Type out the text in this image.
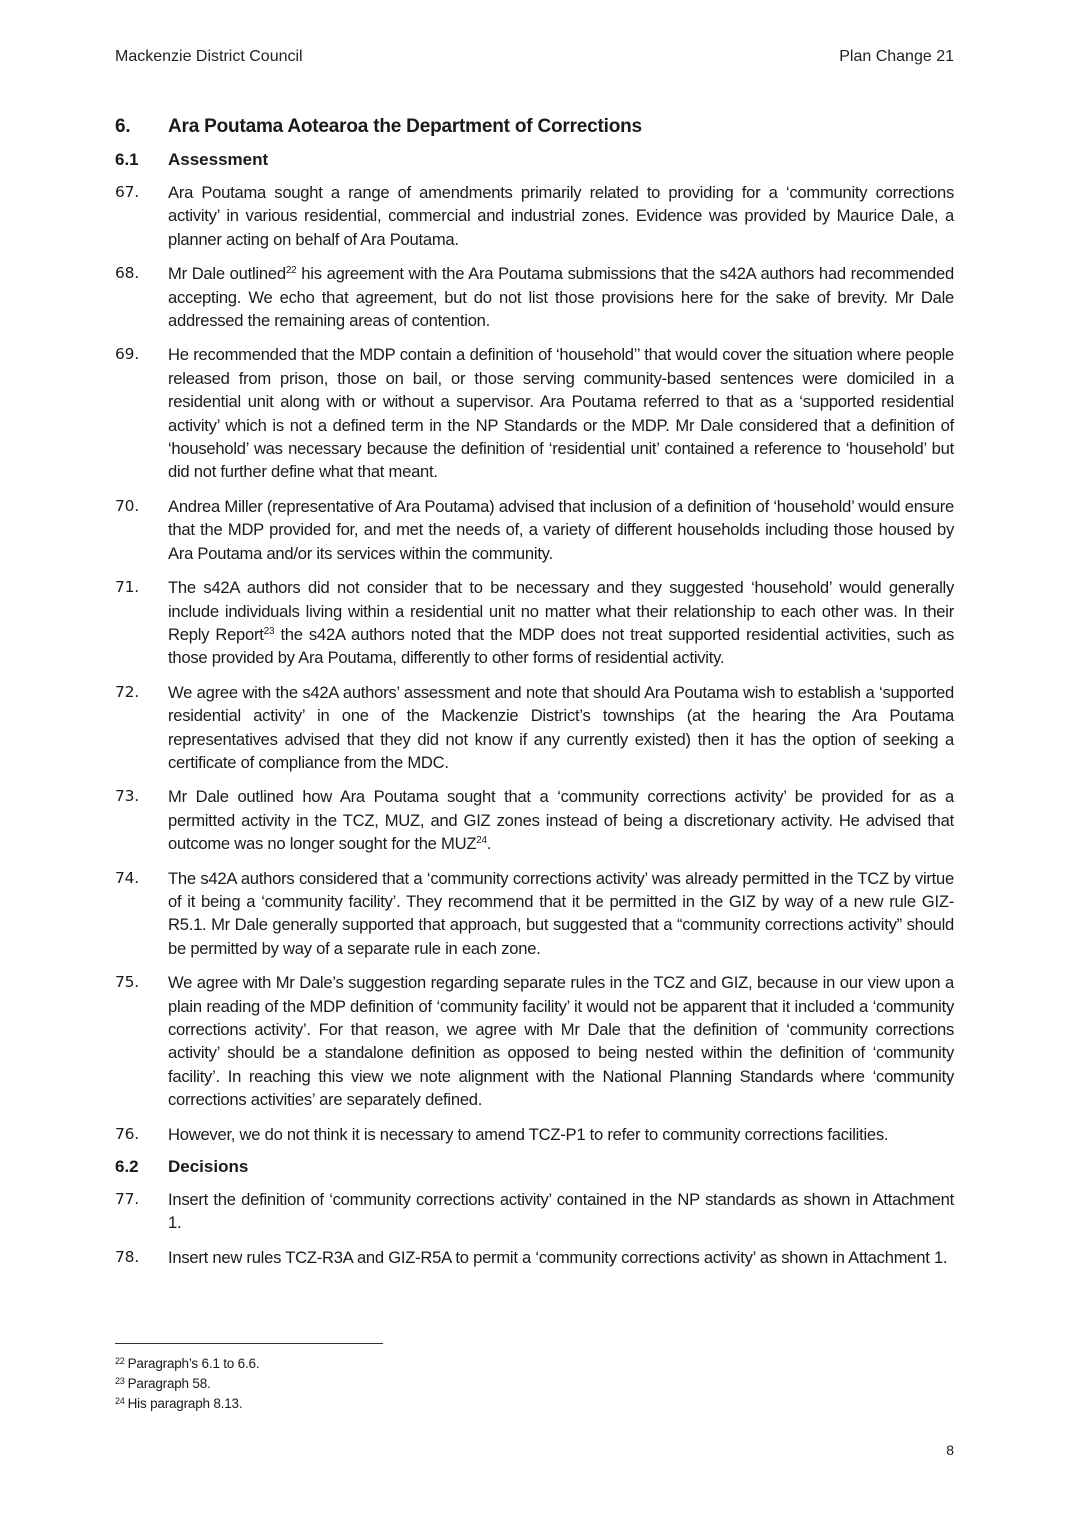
Mackenzie District Council	Plan Change 21
6.	Ara Poutama Aotearoa the Department of Corrections
6.1	Assessment
67.	Ara Poutama sought a range of amendments primarily related to providing for a ‘community corrections activity’ in various residential, commercial and industrial zones. Evidence was provided by Maurice Dale, a planner acting on behalf of Ara Poutama.
68.	Mr Dale outlined$^{22}$ his agreement with the Ara Poutama submissions that the s42A authors had recommended accepting. We echo that agreement, but do not list those provisions here for the sake of brevity. Mr Dale addressed the remaining areas of contention.
69.	He recommended that the MDP contain a definition of ‘household’’ that would cover the situation where people released from prison, those on bail, or those serving community-based sentences were domiciled in a residential unit along with or without a supervisor. Ara Poutama referred to that as a ‘supported residential activity’ which is not a defined term in the NP Standards or the MDP. Mr Dale considered that a definition of ‘household’ was necessary because the definition of ‘residential unit’ contained a reference to ‘household’ but did not further define what that meant.
70.	Andrea Miller (representative of Ara Poutama) advised that inclusion of a definition of ‘household’ would ensure that the MDP provided for, and met the needs of, a variety of different households including those housed by Ara Poutama and/or its services within the community.
71.	The s42A authors did not consider that to be necessary and they suggested ‘household’ would generally include individuals living within a residential unit no matter what their relationship to each other was. In their Reply Report$^{23}$ the s42A authors noted that the MDP does not treat supported residential activities, such as those provided by Ara Poutama, differently to other forms of residential activity.
72.	We agree with the s42A authors’ assessment and note that should Ara Poutama wish to establish a ‘supported residential activity’ in one of the Mackenzie District’s townships (at the hearing the Ara Poutama representatives advised that they did not know if any currently existed) then it has the option of seeking a certificate of compliance from the MDC.
73.	Mr Dale outlined how Ara Poutama sought that a ‘community corrections activity’ be provided for as a permitted activity in the TCZ, MUZ, and GIZ zones instead of being a discretionary activity. He advised that outcome was no longer sought for the MUZ$^{24}$.
74.	The s42A authors considered that a ‘community corrections activity’ was already permitted in the TCZ by virtue of it being a ‘community facility’. They recommend that it be permitted in the GIZ by way of a new rule GIZ-R5.1. Mr Dale generally supported that approach, but suggested that a “community corrections activity” should be permitted by way of a separate rule in each zone.
75.	We agree with Mr Dale’s suggestion regarding separate rules in the TCZ and GIZ, because in our view upon a plain reading of the MDP definition of ‘community facility’ it would not be apparent that it included a ‘community corrections activity’. For that reason, we agree with Mr Dale that the definition of ‘community corrections activity’ should be a standalone definition as opposed to being nested within the definition of ‘community facility’. In reaching this view we note alignment with the National Planning Standards where ‘community corrections activities’ are separately defined.
76.	However, we do not think it is necessary to amend TCZ-P1 to refer to community corrections facilities.
6.2	Decisions
77.	Insert the definition of ‘community corrections activity’ contained in the NP standards as shown in Attachment 1.
78.	Insert new rules TCZ-R3A and GIZ-R5A to permit a ‘community corrections activity’ as shown in Attachment 1.
$^{22}$ Paragraph’s 6.1 to 6.6.
$^{23}$ Paragraph 58.
$^{24}$ His paragraph 8.13.
8
